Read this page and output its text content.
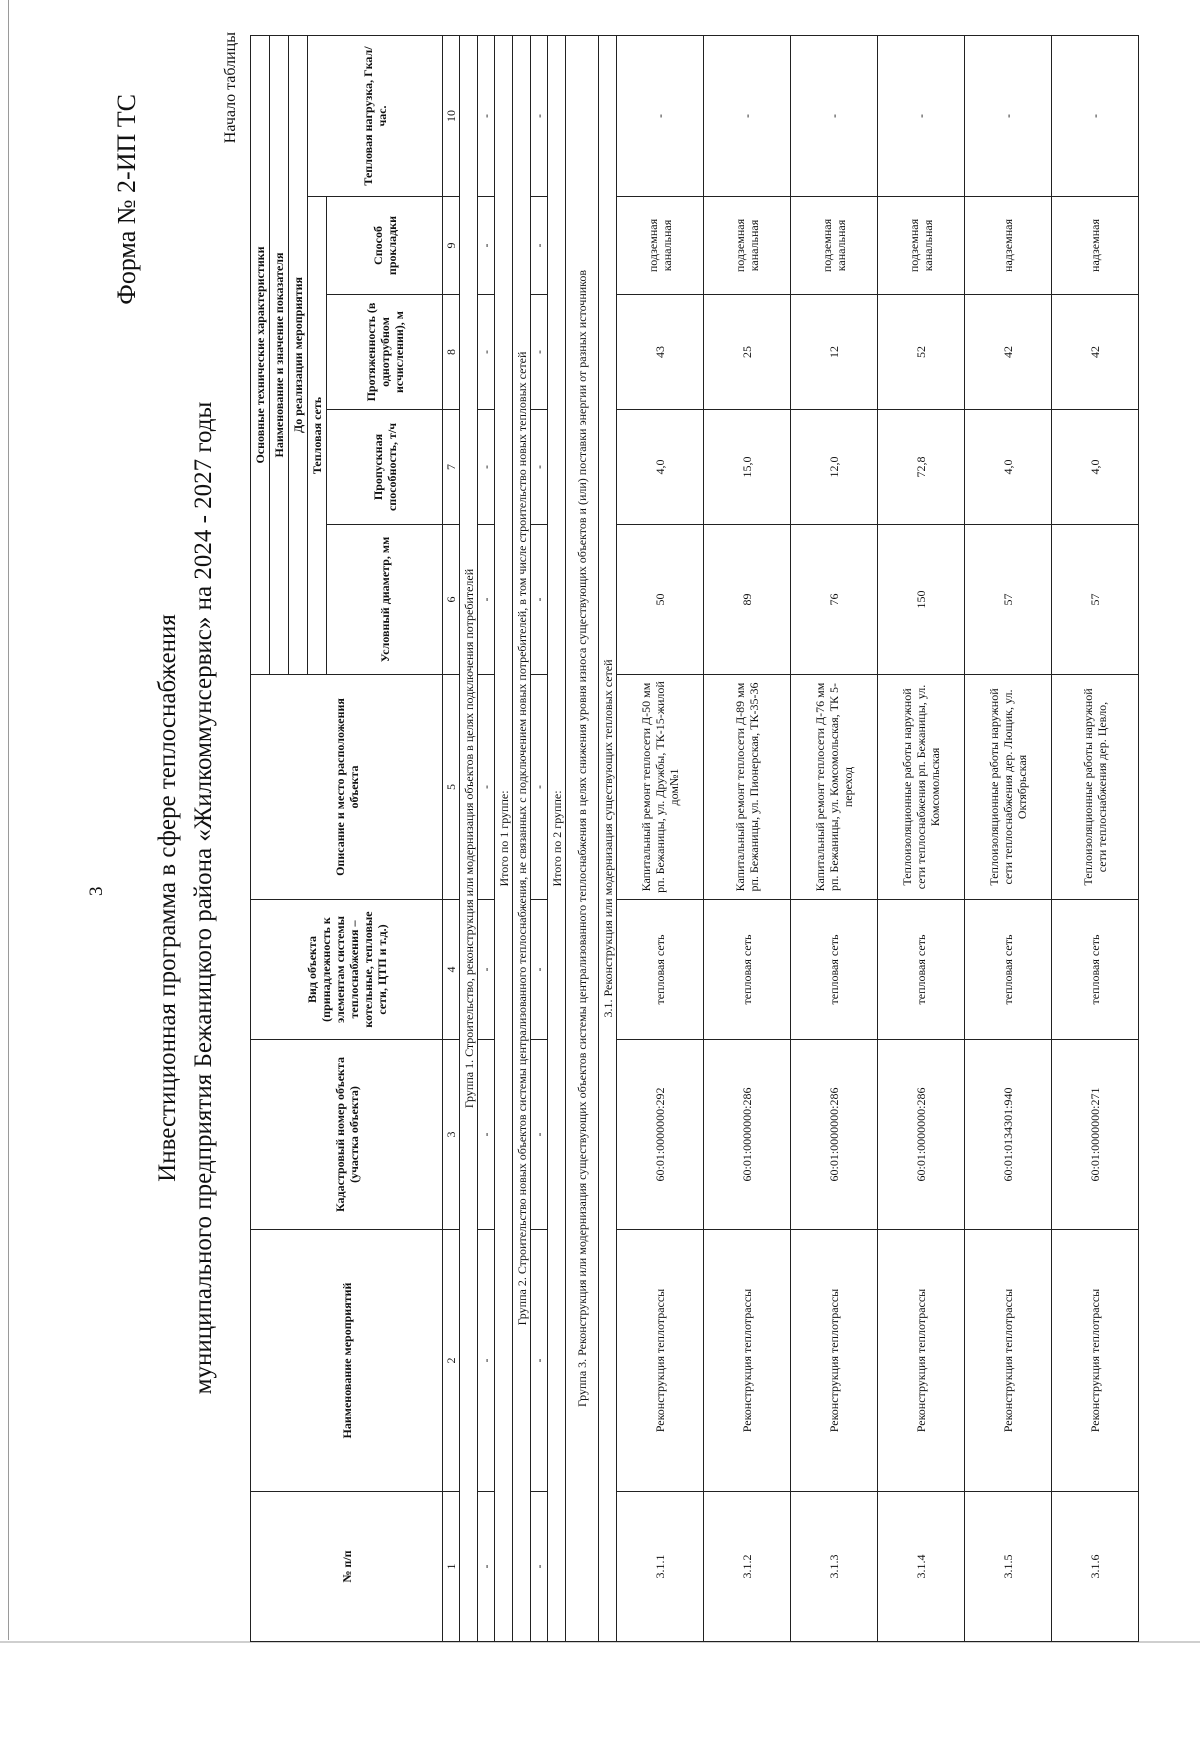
3
Форма № 2-ИП ТС
Инвестиционная программа в сфере теплоснабжения муниципального предприятия Бежаницкого района «Жилкоммунсервис» на 2024 - 2027 годы
Начало таблицы
№ п/п	Наименование мероприятий	Кадастровый номер объекта (участка объекта)	Вид объекта (принадлежность к элементам системы теплоснабжения – котельные, тепловые сети, ЦТП и т.д.)	Описание и место расположения объекта	Основные технические характеристики				
					Наименование и значение показателя				
					До реализации мероприятия				
					Тепловая сеть				Тепловая нагрузка, Гкал/час.
					Условный диаметр, мм	Пропускная способность, т/ч	Протяженность (в однотрубном исчислении), м	Способ прокладки	
1	2	3	4	5	6	7	8	9	10
Группа 1. Строительство, реконструкция или модернизация объектов в целях подключения потребителей									
-	-	-	-	-	-	-	-	-	-
Итого по 1 группе:									
Группа 2. Строительство новых объектов системы централизованного теплоснабжения, не связанных с подключением новых потребителей, в том числе строительство новых тепловых сетей									
-	-	-	-	-	-	-	-	-	-
Итого по 2 группе:									
Группа 3. Реконструкция или модернизация существующих объектов системы централизованного теплоснабжения в целях снижения уровня износа существующих объектов и (или) поставки энергии от разных источников									
3.1. Реконструкция или модернизация существующих тепловых сетей									
3.1.1	Реконструкция теплотрассы	60:01:0000000:292	тепловая сеть	Капитальный ремонт теплосети Д-50 мм рп. Бежаницы, ул. Дружбы, ТК-15-жилой дом№1	50	4,0	43	подземная канальная	-
3.1.2	Реконструкция теплотрассы	60:01:0000000:286	тепловая сеть	Капитальный ремонт теплосети Д-89 мм рп. Бежаницы, ул. Пионерская, ТК-35-36	89	15,0	25	подземная канальная	-
3.1.3	Реконструкция теплотрассы	60:01:0000000:286	тепловая сеть	Капитальный ремонт теплосети Д-76 мм рп. Бежаницы, ул. Комсомольская, ТК 5- переход	76	12,0	12	подземная канальная	-
3.1.4	Реконструкция теплотрассы	60:01:0000000:286	тепловая сеть	Теплоизоляционные работы наружной сети теплоснабжения рп. Бежаницы, ул. Комсомольская	150	72,8	52	подземная канальная	-
3.1.5	Реконструкция теплотрассы	60:01:0134301:940	тепловая сеть	Теплоизоляционные работы наружной сети теплоснабжения дер. Лющик, ул. Октябрьская	57	4,0	42	надземная	-
3.1.6	Реконструкция теплотрассы	60:01:0000000:271	тепловая сеть	Теплоизоляционные работы наружной сети теплоснабжения дер. Цевло,	57	4,0	42	надземная	-
